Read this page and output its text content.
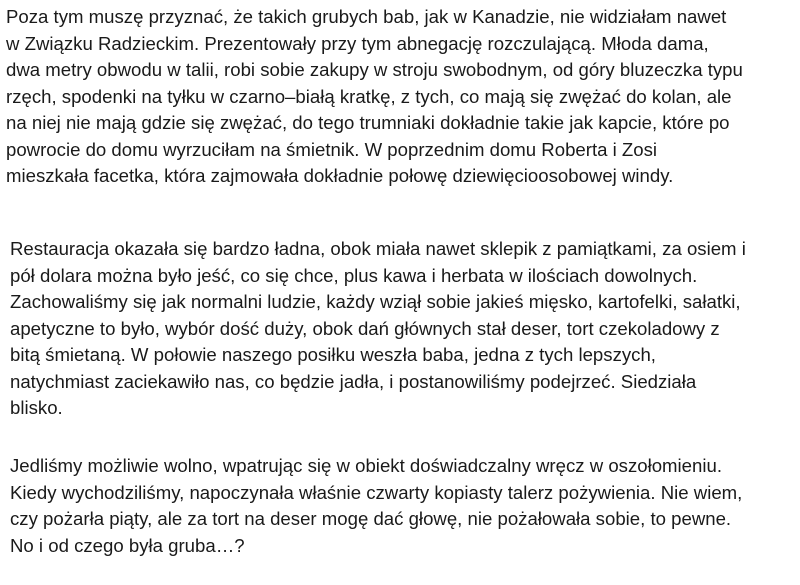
Poza tym muszę przyznać, że takich grubych bab, jak w Kanadzie, nie widziałam nawet
w Związku Radzieckim. Prezentowały przy tym abnegację rozczulającą. Młoda dama,
dwa metry obwodu w talii, robi sobie zakupy w stroju swobodnym, od góry bluzeczka typu
rzęch, spodenki na tyłku w czarno–białą kratkę, z tych, co mają się zwężać do kolan, ale
na niej nie mają gdzie się zwężać, do tego trumniaki dokładnie takie jak kapcie, które po
powrocie do domu wyrzuciłam na śmietnik. W poprzednim domu Roberta i Zosi
mieszkała facetka, która zajmowała dokładnie połowę dziewięcioosobowej windy.

Restauracja okazała się bardzo ładna, obok miała nawet sklepik z pamiątkami, za osiem i
pół dolara można było jeść, co się chce, plus kawa i herbata w ilościach dowolnych.
Zachowaliśmy się jak normalni ludzie, każdy wziął sobie jakieś mięsko, kartofelki, sałatki,
apetyczne to było, wybór dość duży, obok dań głównych stał deser, tort czekoladowy z
bitą śmietaną. W połowie naszego posiłku weszła baba, jedna z tych lepszych,
natychmiast zaciekawiło nas, co będzie jadła, i postanowiliśmy podejrzeć. Siedziała
blisko.

Jedliśmy możliwie wolno, wpatrując się w obiekt doświadczalny wręcz w oszołomieniu.
Kiedy wychodziliśmy, napoczynała właśnie czwarty kopiasty talerz pożywienia. Nie wiem,
czy pożarła piąty, ale za tort na deser mogę dać głowę, nie pożałowała sobie, to pewne.
No i od czego była gruba…?
